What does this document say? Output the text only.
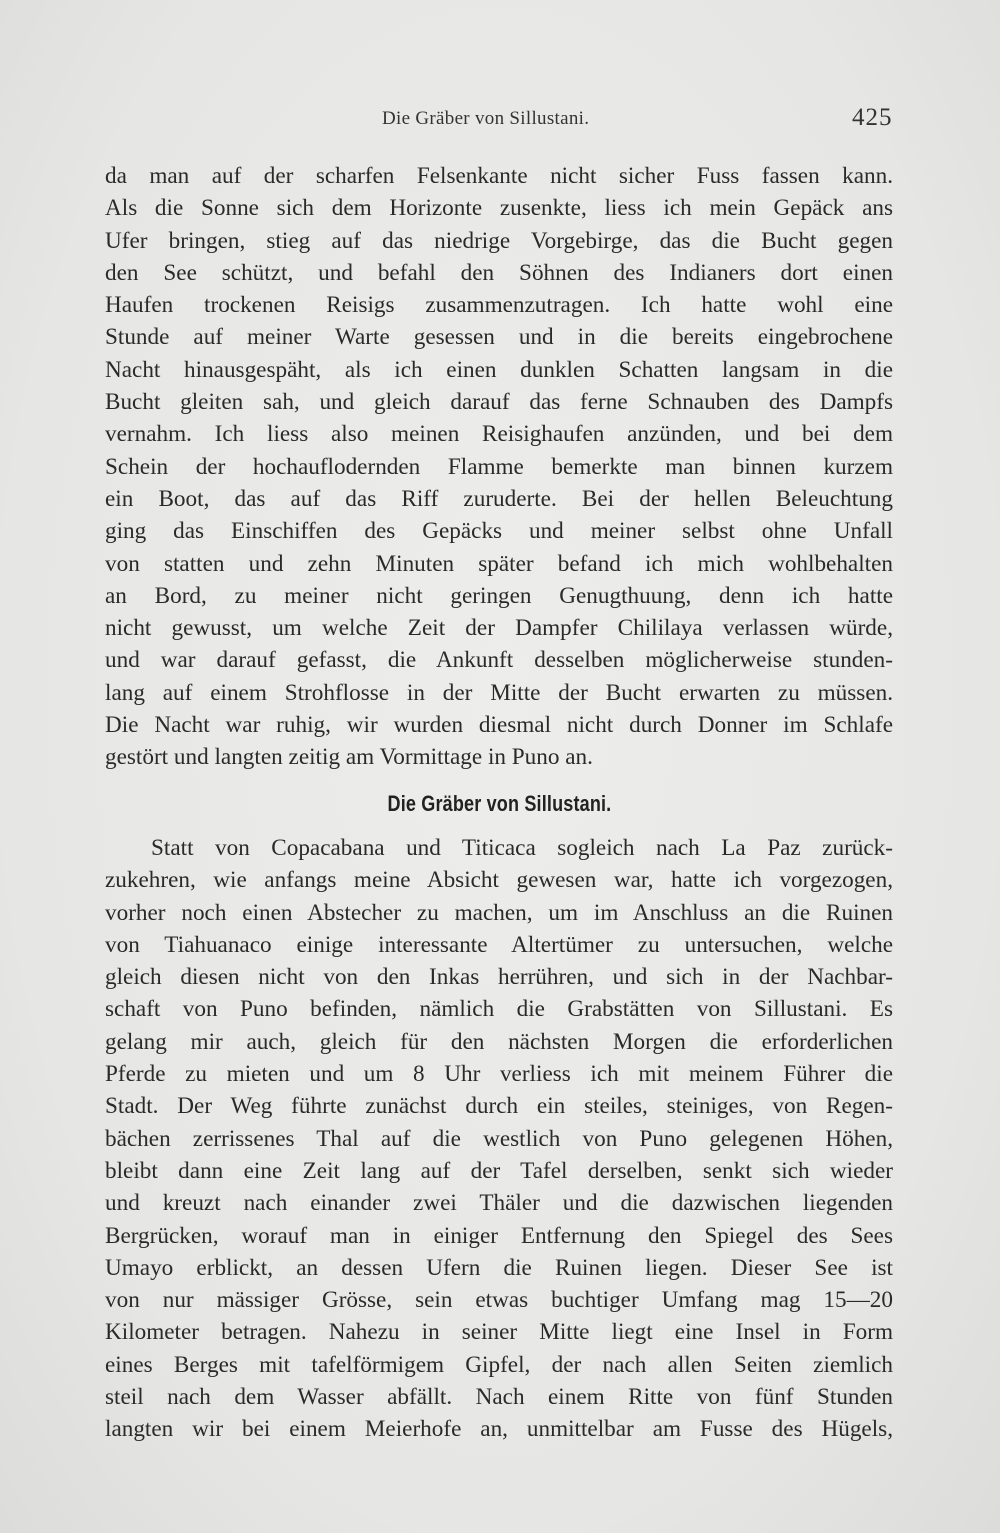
Die Gräber von Sillustani.	425
da man auf der scharfen Felsenkante nicht sicher Fuss fassen kann.
Als die Sonne sich dem Horizonte zusenkte, liess ich mein Gepäck ans
Ufer bringen, stieg auf das niedrige Vorgebirge, das die Bucht gegen
den See schützt, und befahl den Söhnen des Indianers dort einen
Haufen trockenen Reisigs zusammenzutragen. Ich hatte wohl eine
Stunde auf meiner Warte gesessen und in die bereits eingebrochene
Nacht hinausgespäht, als ich einen dunklen Schatten langsam in die
Bucht gleiten sah, und gleich darauf das ferne Schnauben des Dampfs
vernahm. Ich liess also meinen Reisighaufen anzünden, und bei dem
Schein der hochauflodernden Flamme bemerkte man binnen kurzem
ein Boot, das auf das Riff zuruderte. Bei der hellen Beleuchtung
ging das Einschiffen des Gepäcks und meiner selbst ohne Unfall
von statten und zehn Minuten später befand ich mich wohlbehalten
an Bord, zu meiner nicht geringen Genugthuung, denn ich hatte
nicht gewusst, um welche Zeit der Dampfer Chililaya verlassen würde,
und war darauf gefasst, die Ankunft desselben möglicherweise stunden-
lang auf einem Strohflosse in der Mitte der Bucht erwarten zu müssen.
Die Nacht war ruhig, wir wurden diesmal nicht durch Donner im Schlafe
gestört und langten zeitig am Vormittage in Puno an.
Die Gräber von Sillustani.
Statt von Copacabana und Titicaca sogleich nach La Paz zurück-
zukehren, wie anfangs meine Absicht gewesen war, hatte ich vorgezogen,
vorher noch einen Abstecher zu machen, um im Anschluss an die Ruinen
von Tiahuanaco einige interessante Altertümer zu untersuchen, welche
gleich diesen nicht von den Inkas herrühren, und sich in der Nachbar-
schaft von Puno befinden, nämlich die Grabstätten von Sillustani. Es
gelang mir auch, gleich für den nächsten Morgen die erforderlichen
Pferde zu mieten und um 8 Uhr verliess ich mit meinem Führer die
Stadt. Der Weg führte zunächst durch ein steiles, steiniges, von Regen-
bächen zerrissenes Thal auf die westlich von Puno gelegenen Höhen,
bleibt dann eine Zeit lang auf der Tafel derselben, senkt sich wieder
und kreuzt nach einander zwei Thäler und die dazwischen liegenden
Bergrücken, worauf man in einiger Entfernung den Spiegel des Sees
Umayo erblickt, an dessen Ufern die Ruinen liegen. Dieser See ist
von nur mässiger Grösse, sein etwas buchtiger Umfang mag 15—20
Kilometer betragen. Nahezu in seiner Mitte liegt eine Insel in Form
eines Berges mit tafelförmigem Gipfel, der nach allen Seiten ziemlich
steil nach dem Wasser abfällt. Nach einem Ritte von fünf Stunden
langten wir bei einem Meierhofe an, unmittelbar am Fusse des Hügels,
